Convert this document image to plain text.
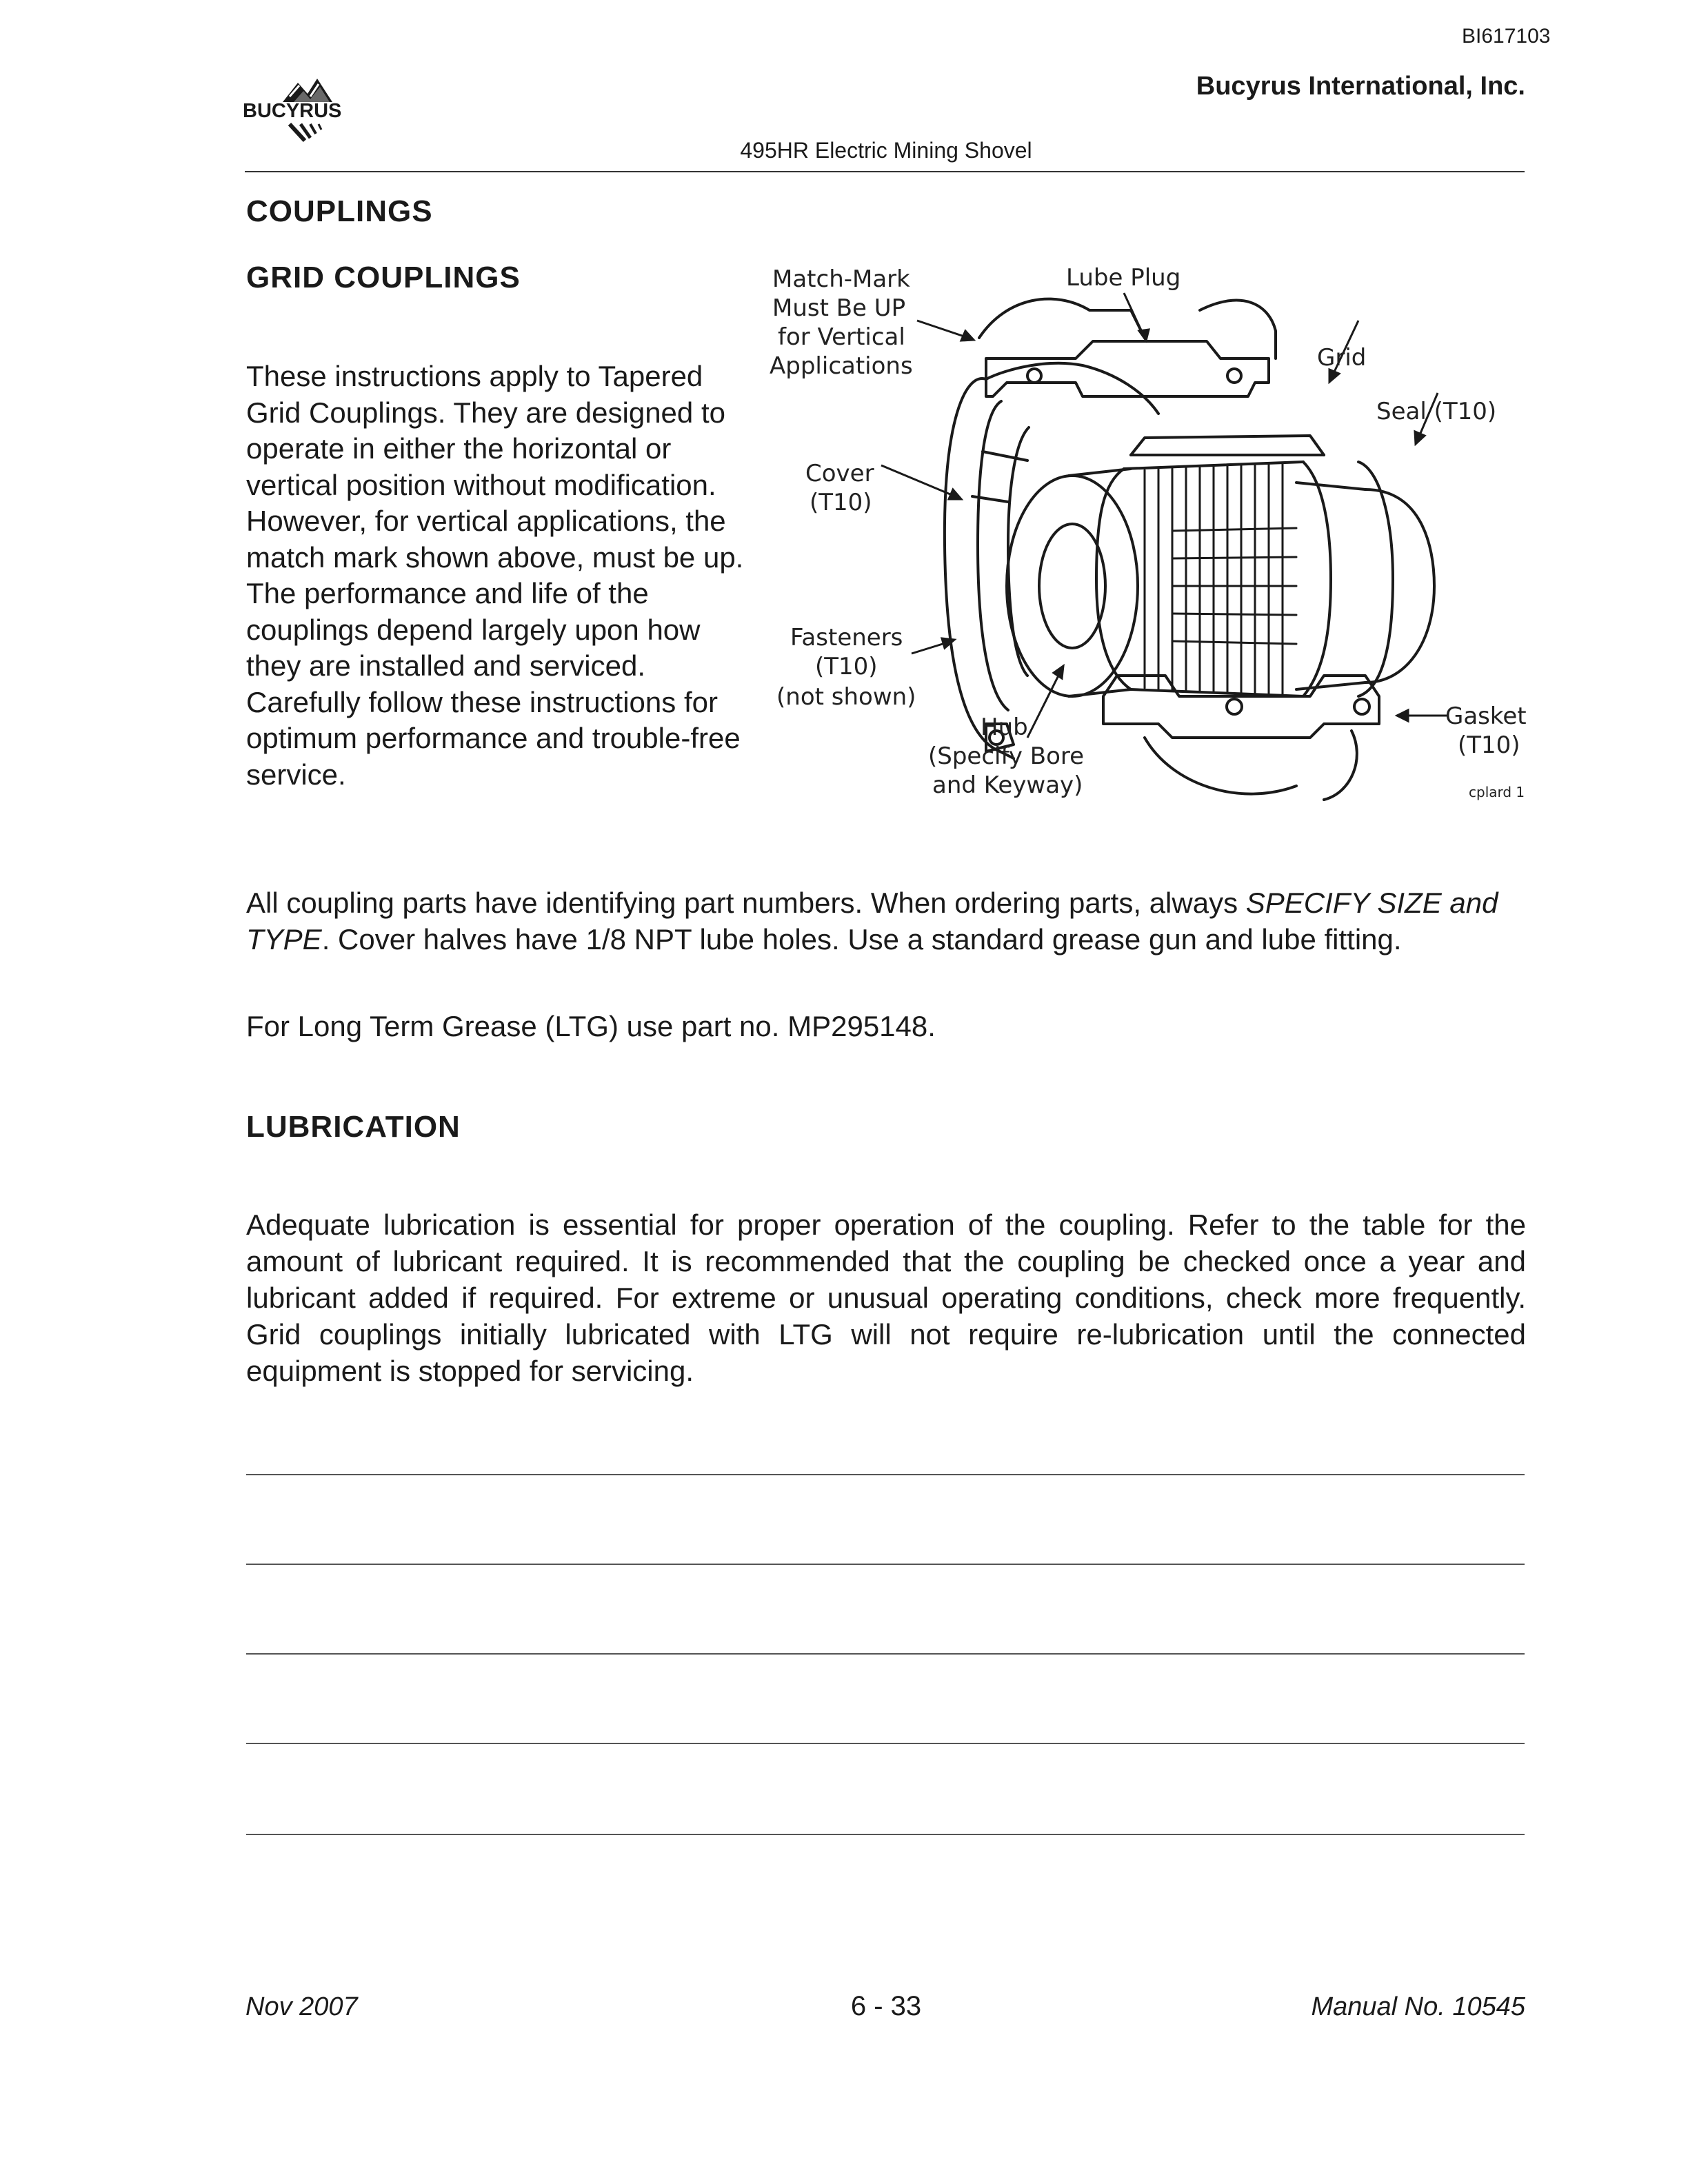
BI617103
Bucyrus International, Inc.
BUCYRUS
495HR Electric Mining Shovel
COUPLINGS
GRID COUPLINGS
These instructions apply to Tapered Grid Couplings. They are designed to operate in either the horizontal or vertical position without modification. However, for vertical applications, the match mark shown above, must be up. The performance and life of the couplings depend largely upon how they are installed and serviced. Carefully follow these instructions for optimum performance and trouble-free service.
Match-Mark
Must Be UP
for Vertical
Applications
Lube Plug
Grid
Seal (T10)
Cover
(T10)
Fasteners
(T10)
(not shown)
Hub
(Specify Bore
and Keyway)
Gasket
(T10)
cplard 1
All coupling parts have identifying part numbers. When ordering parts, always SPECIFY SIZE and TYPE. Cover halves have 1/8 NPT lube holes. Use a standard grease gun and lube fitting.
For Long Term Grease (LTG) use part no. MP295148.
LUBRICATION
Adequate lubrication is essential for proper operation of the coupling. Refer to the table for the amount of lubricant required. It is recommended that the coupling be checked once a year and lubricant added if required. For extreme or unusual operating conditions, check more frequently. Grid couplings initially lubricated with LTG will not require re-lubrication until the connected equipment is stopped for servicing.
Nov 2007	6 - 33	Manual No. 10545
